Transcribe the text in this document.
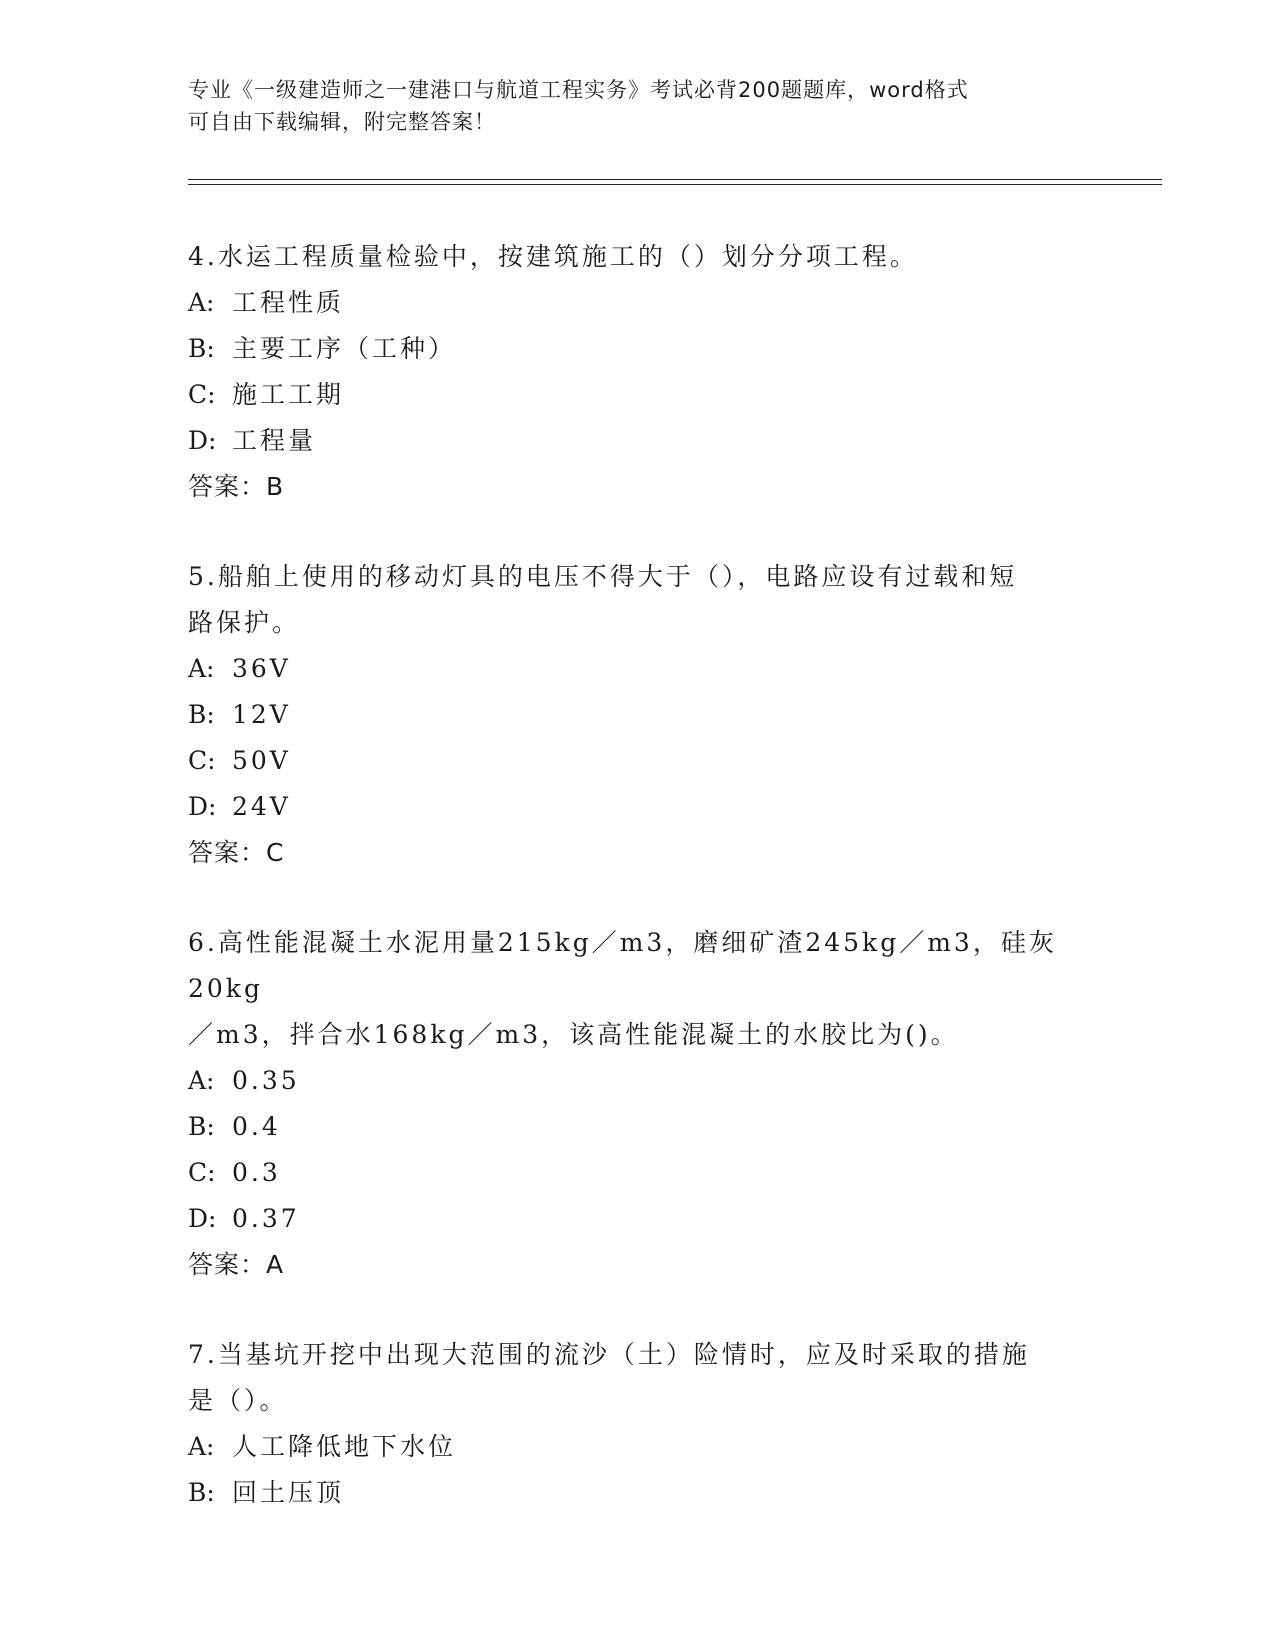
专业《一级建造师之一建港口与航道工程实务》考试必背200题题库，word格式
可自由下载编辑，附完整答案！

4.水运工程质量检验中，按建筑施工的（）划分分项工程。

A: 工程性质

B: 主要工序（工种）

C: 施工工期

D: 工程量

答案：B

5.船舶上使用的移动灯具的电压不得大于（），电路应设有过载和短

路保护。

A: 36V

B: 12V

C: 50V

D: 24V

答案：C

6.高性能混凝土水泥用量215kg／m3，磨细矿渣245kg／m3，硅灰20kg

／m3，拌合水168kg／m3，该高性能混凝土的水胶比为()。

A: 0.35

B: 0.4

C: 0.3

D: 0.37

答案：A

7.当基坑开挖中出现大范围的流沙（土）险情时，应及时采取的措施

是（）。

A: 人工降低地下水位

B: 回土压顶
